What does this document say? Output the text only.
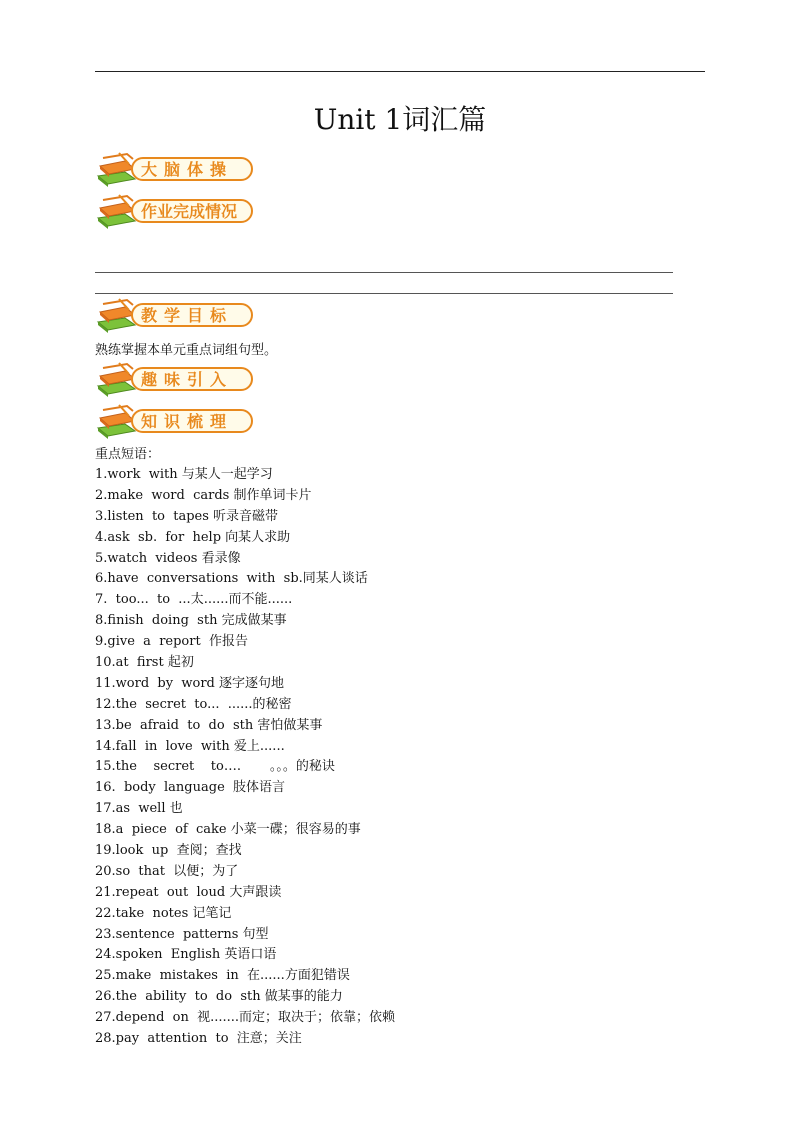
Unit 1词汇篇
大脑体操
作业完成情况
教学目标
熟练掌握本单元重点词组句型。
趣味引入
知识梳理
重点短语：
1.work  with 与某人一起学习
2.make  word  cards 制作单词卡片
3.listen  to  tapes 听录音磁带
4.ask  sb.  for  help 向某人求助
5.watch  videos 看录像
6.have  conversations  with  sb.同某人谈话
7.  too...  to  ...太......而不能......
8.finish  doing  sth 完成做某事
9.give  a  report  作报告
10.at  first 起初
11.word  by  word 逐字逐句地
12.the  secret  to...  ......的秘密
13.be  afraid  to  do  sth 害怕做某事
14.fall  in  love  with 爱上......
15.the    secret    to….       。。。的秘诀
16.  body  language  肢体语言
17.as  well 也
18.a  piece  of  cake 小菜一碟；很容易的事
19.look  up  查阅；查找
20.so  that  以便；为了
21.repeat  out  loud 大声跟读
22.take  notes 记笔记
23.sentence  patterns 句型
24.spoken  English 英语口语
25.make  mistakes  in  在......方面犯错误
26.the  ability  to  do  sth 做某事的能力
27.depend  on  视.......而定；取决于；依靠；依赖
28.pay  attention  to  注意；关注
